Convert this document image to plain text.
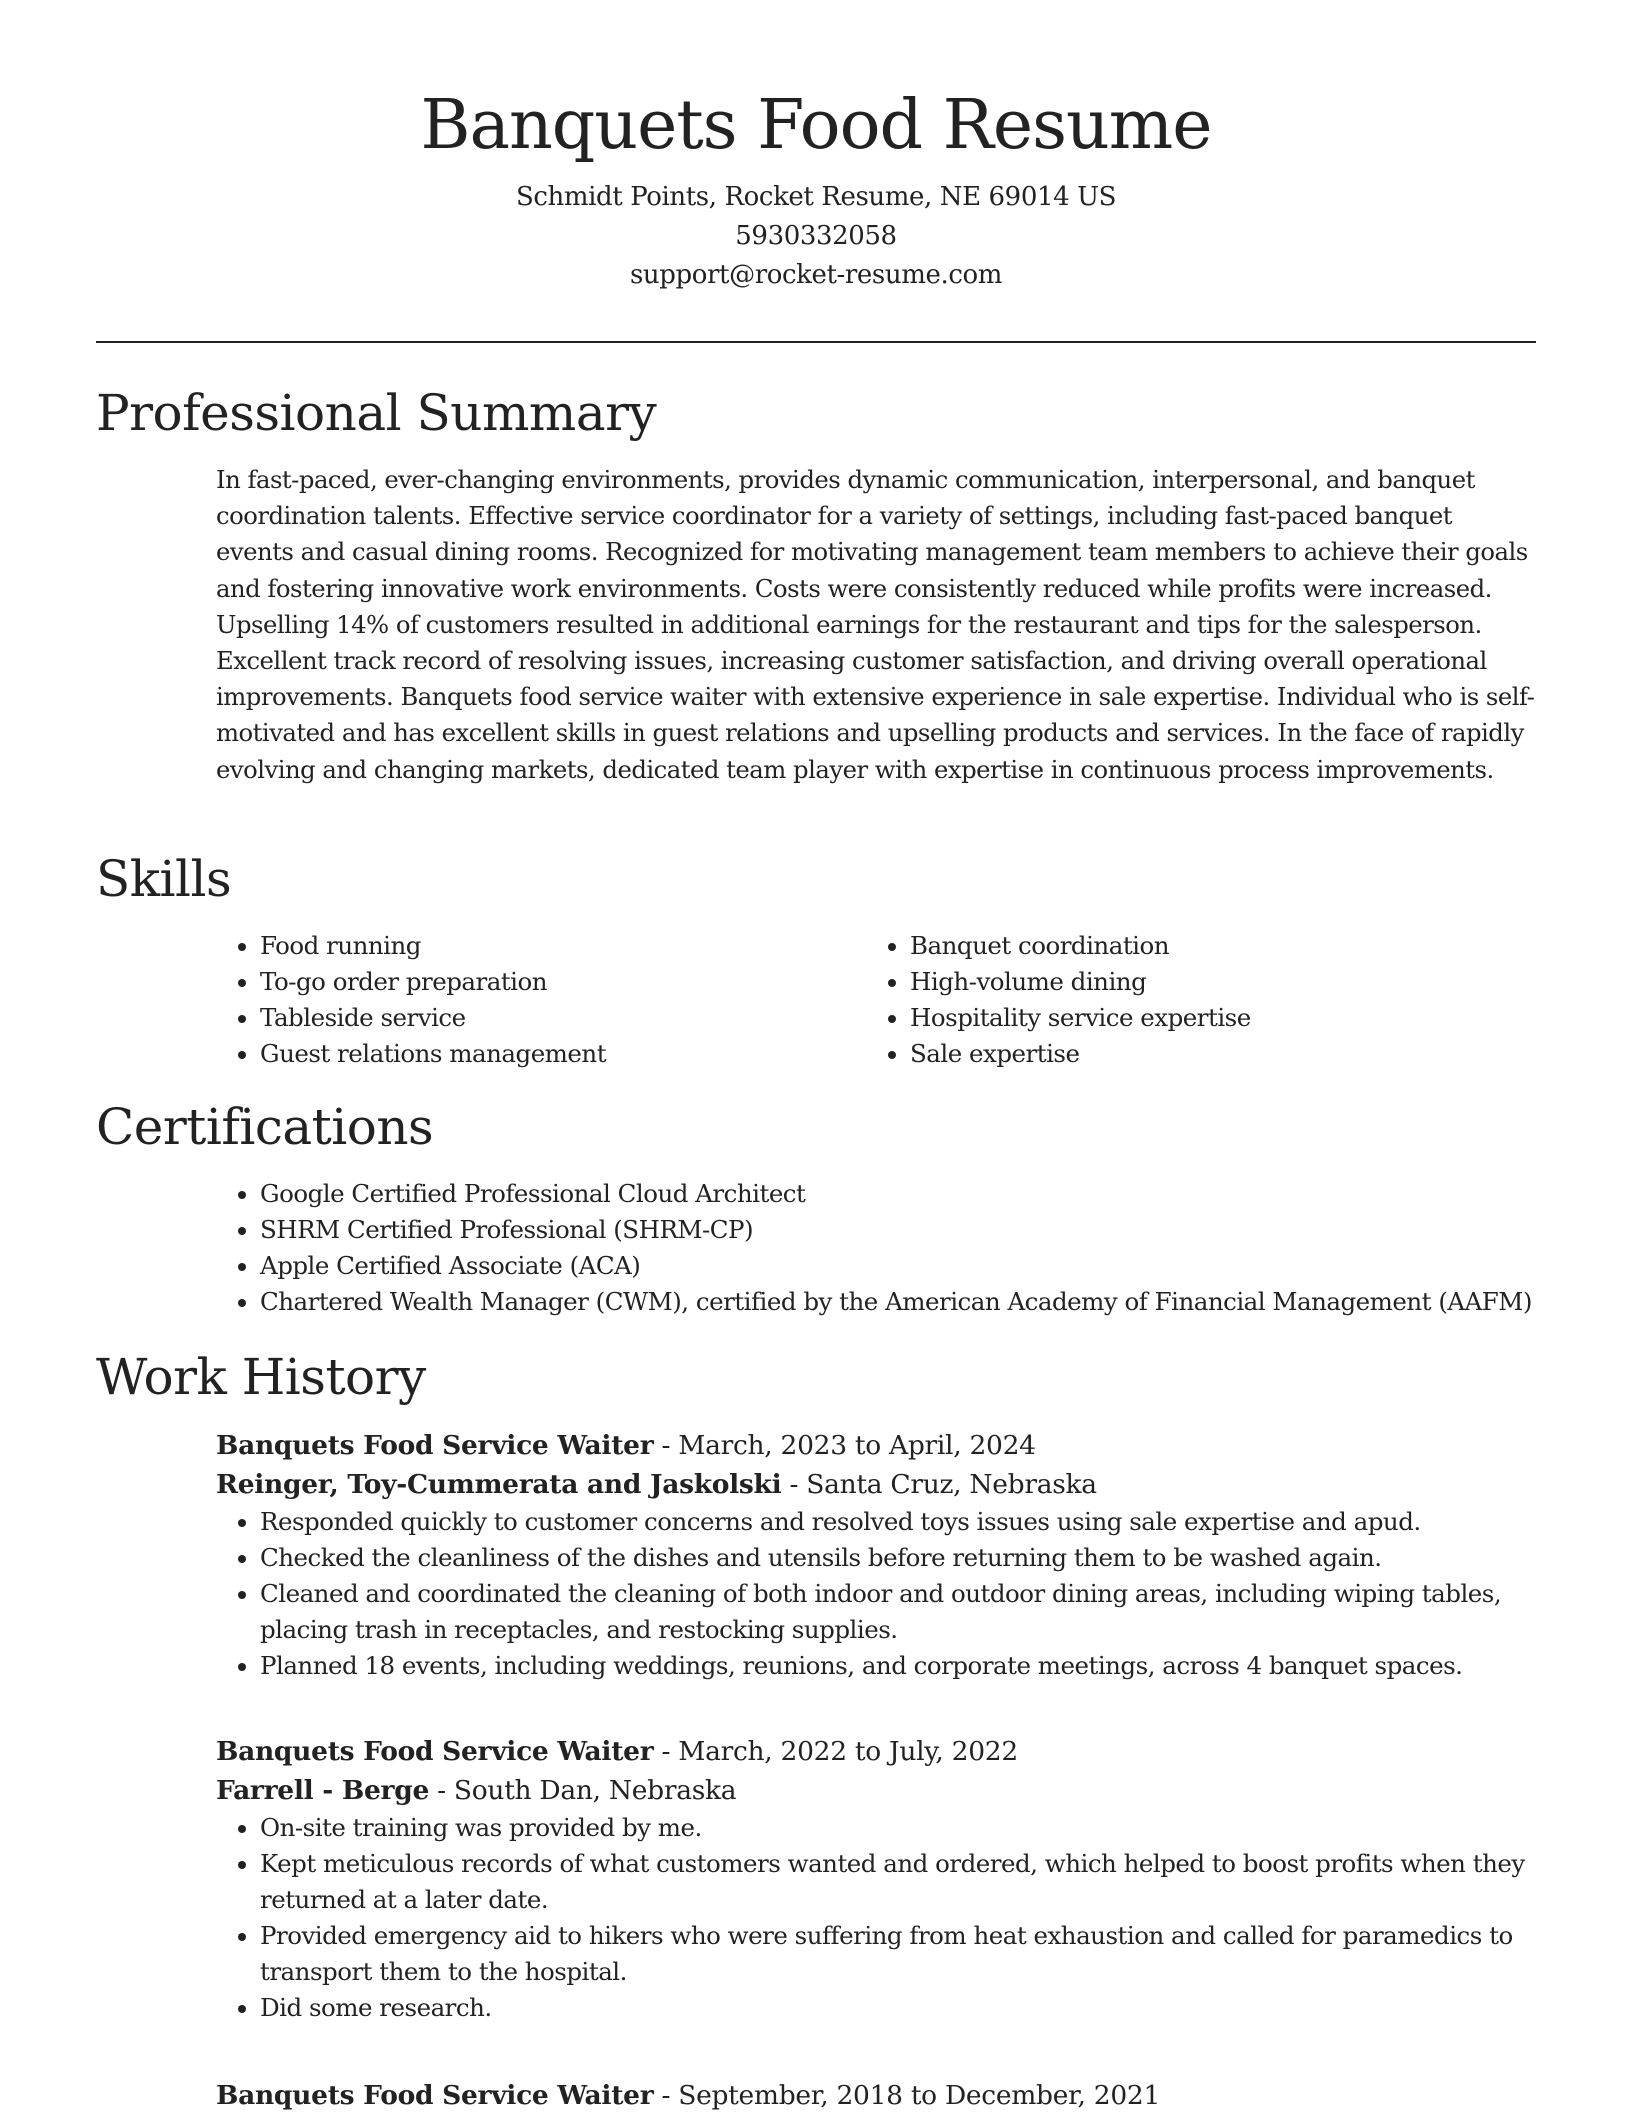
Banquets Food Resume
Schmidt Points, Rocket Resume, NE 69014 US
5930332058
support@rocket-resume.com
Professional Summary

In fast-paced, ever-changing environments, provides dynamic communication, interpersonal, and banquet coordination talents. Effective service coordinator for a variety of settings, including fast-paced banquet events and casual dining rooms. Recognized for motivating management team members to achieve their goals and fostering innovative work environments. Costs were consistently reduced while profits were increased. Upselling 14% of customers resulted in additional earnings for the restaurant and tips for the salesperson. Excellent track record of resolving issues, increasing customer satisfaction, and driving overall operational improvements. Banquets food service waiter with extensive experience in sale expertise. Individual who is self-motivated and has excellent skills in guest relations and upselling products and services. In the face of rapidly evolving and changing markets, dedicated team player with expertise in continuous process improvements.

Skills
• Food running
• To-go order preparation
• Tableside service
• Guest relations management
• Banquet coordination
• High-volume dining
• Hospitality service expertise
• Sale expertise
Certifications
• Google Certified Professional Cloud Architect
• SHRM Certified Professional (SHRM-CP)
• Apple Certified Associate (ACA)
• Chartered Wealth Manager (CWM), certified by the American Academy of Financial Management (AAFM)
Work History
Banquets Food Service Waiter - March, 2023 to April, 2024
Reinger, Toy-Cummerata and Jaskolski - Santa Cruz, Nebraska
• Responded quickly to customer concerns and resolved toys issues using sale expertise and apud.
• Checked the cleanliness of the dishes and utensils before returning them to be washed again.
• Cleaned and coordinated the cleaning of both indoor and outdoor dining areas, including wiping tables, placing trash in receptacles, and restocking supplies.
• Planned 18 events, including weddings, reunions, and corporate meetings, across 4 banquet spaces.
Banquets Food Service Waiter - March, 2022 to July, 2022
Farrell - Berge - South Dan, Nebraska
• On-site training was provided by me.
• Kept meticulous records of what customers wanted and ordered, which helped to boost profits when they returned at a later date.
• Provided emergency aid to hikers who were suffering from heat exhaustion and called for paramedics to transport them to the hospital.
• Did some research.
Banquets Food Service Waiter - September, 2018 to December, 2021
